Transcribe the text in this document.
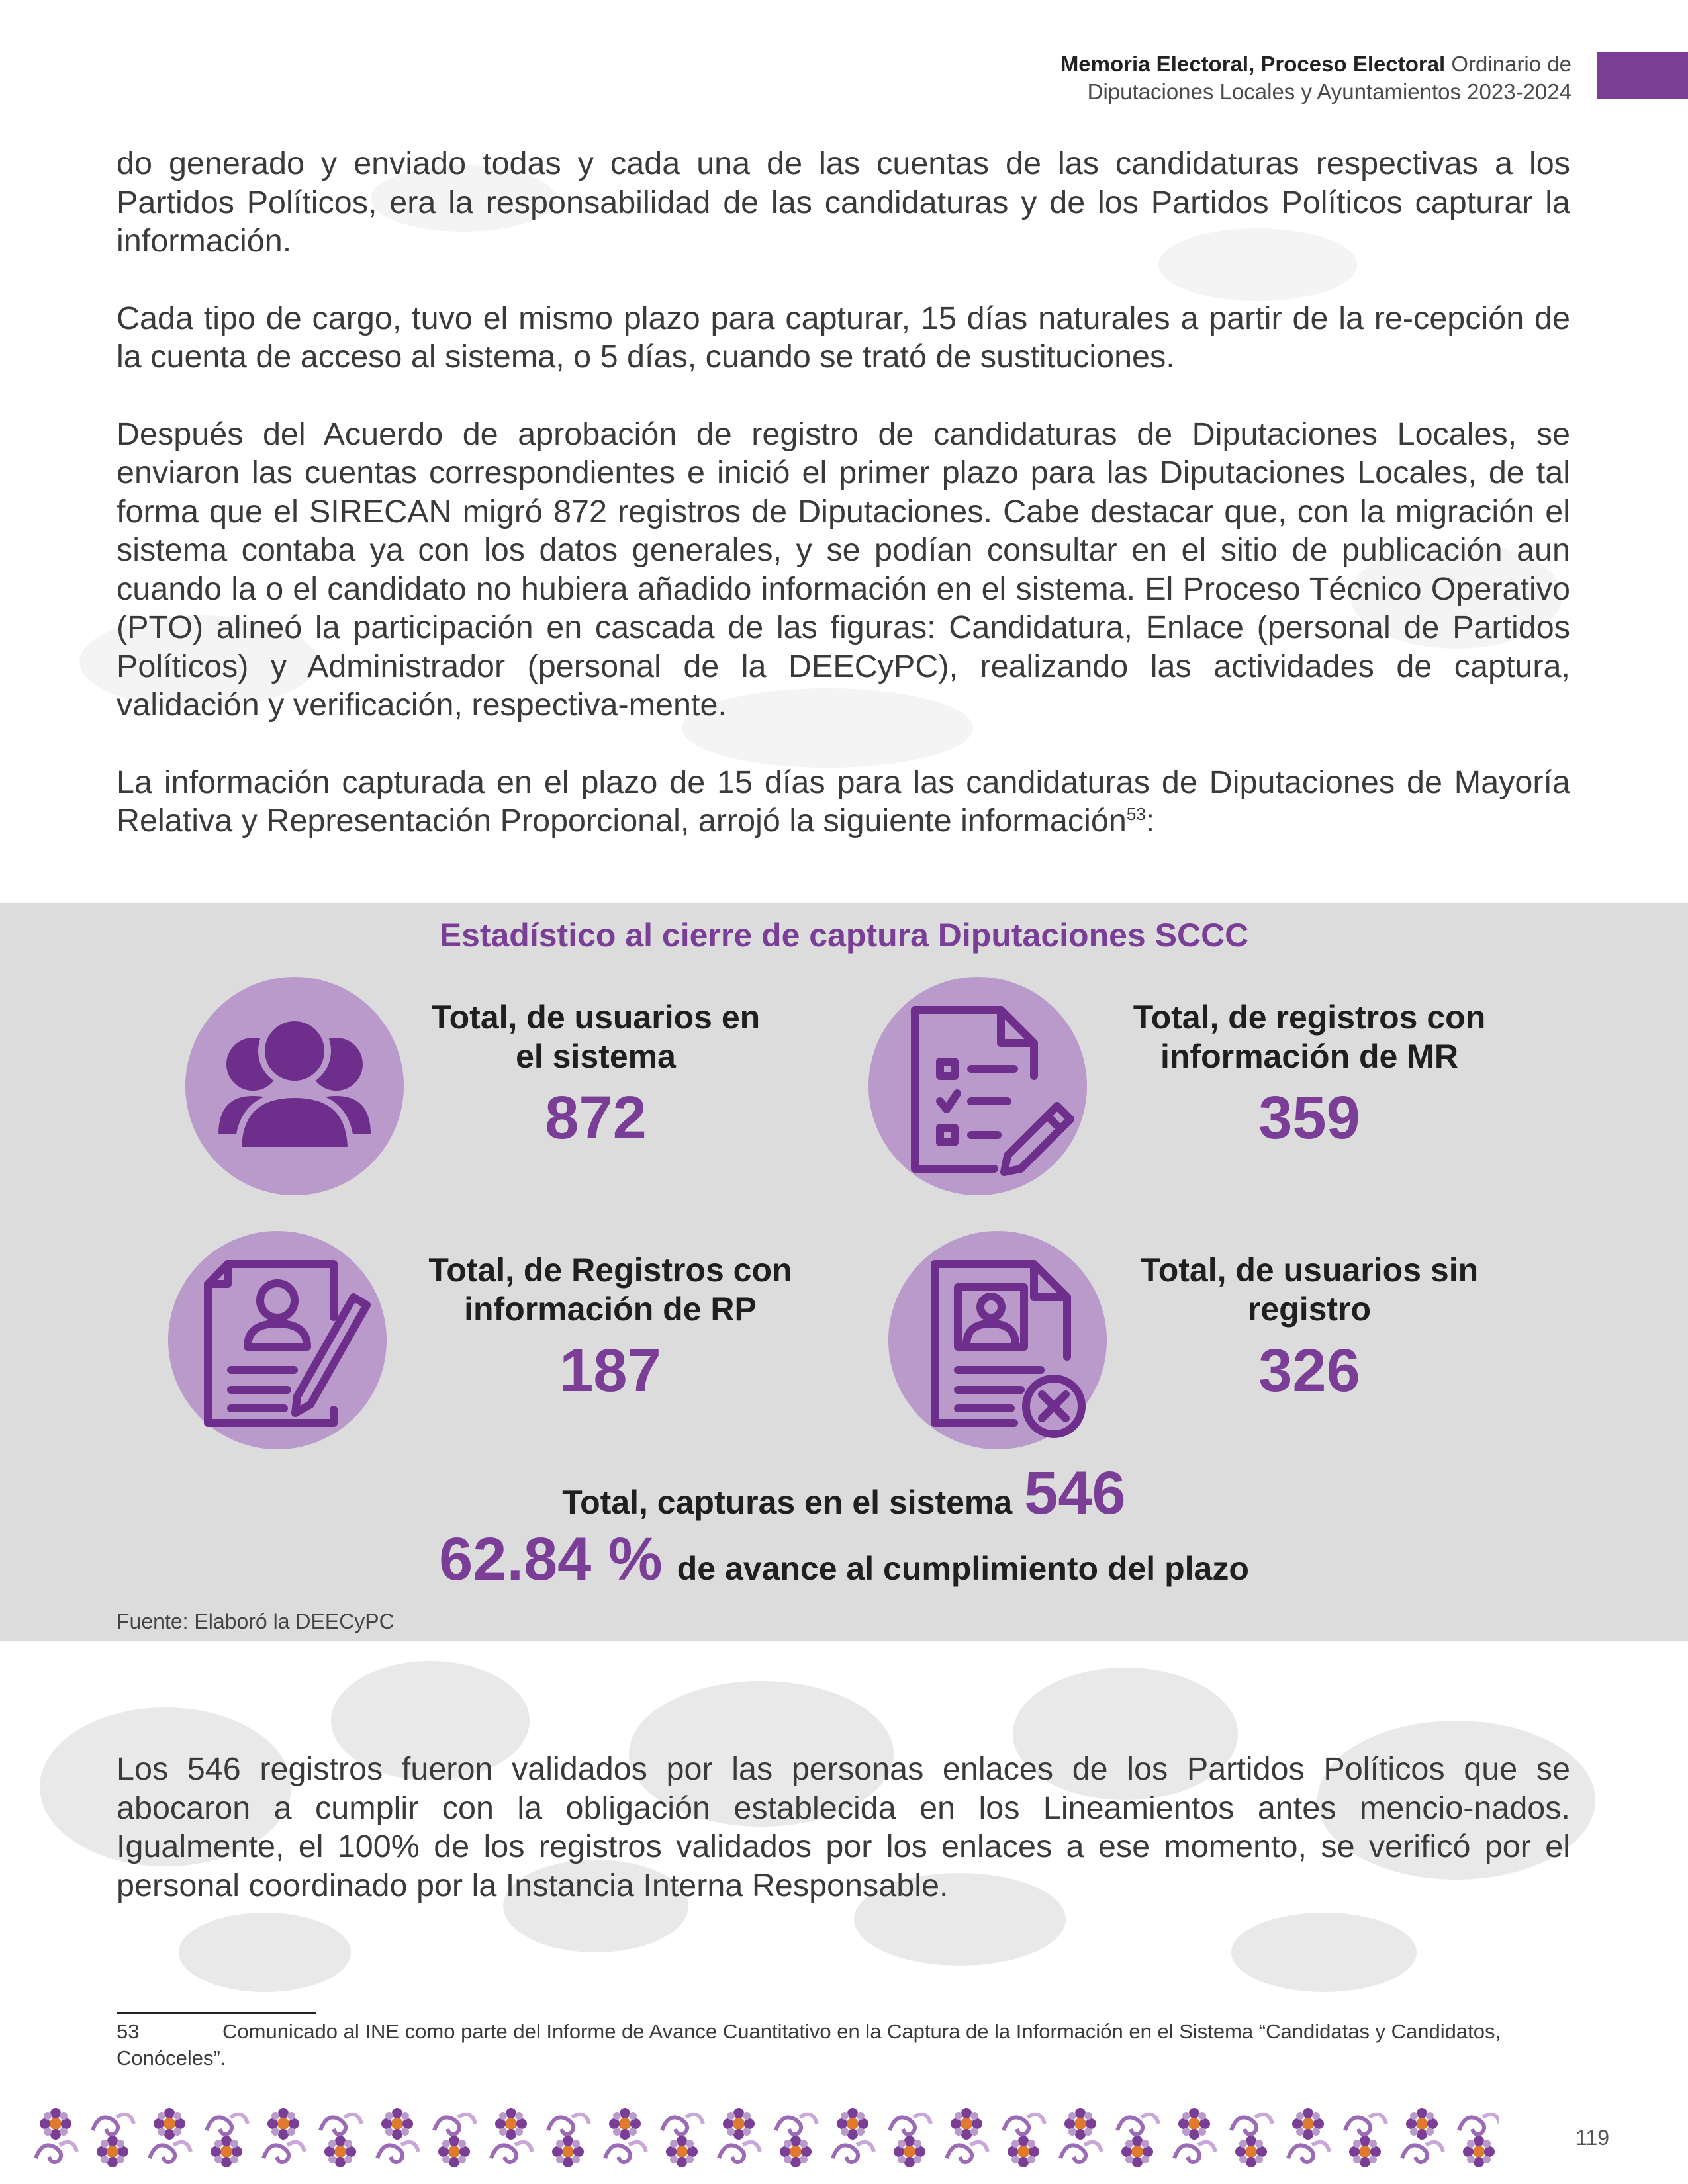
Memoria Electoral, Proceso Electoral Ordinario de
Diputaciones Locales y Ayuntamientos 2023-2024

do generado y enviado todas y cada una de las cuentas de las candidaturas respectivas a los Partidos Políticos, era la responsabilidad de las candidaturas y de los Partidos Políticos capturar la información.

Cada tipo de cargo, tuvo el mismo plazo para capturar, 15 días naturales a partir de la re-cepción de la cuenta de acceso al sistema, o 5 días, cuando se trató de sustituciones.

Después del Acuerdo de aprobación de registro de candidaturas de Diputaciones Locales, se enviaron las cuentas correspondientes e inició el primer plazo para las Diputaciones Locales, de tal forma que el SIRECAN migró 872 registros de Diputaciones. Cabe destacar que, con la migración el sistema contaba ya con los datos generales, y se podían consultar en el sitio de publicación aun cuando la o el candidato no hubiera añadido información en el sistema. El Proceso Técnico Operativo (PTO) alineó la participación en cascada de las figuras: Candidatura, Enlace (personal de Partidos Políticos) y Administrador (personal de la DEECyPC), realizando las actividades de captura, validación y verificación, respectiva-mente.

La información capturada en el plazo de 15 días para las candidaturas de Diputaciones de Mayoría Relativa y Representación Proporcional, arrojó la siguiente información$^{53}$:

Estadístico al cierre de captura Diputaciones SCCC
Total, de usuarios en
el sistema
872
Total, de registros con
información de MR
359
Total, de Registros con
información de RP
187
Total, de usuarios sin
registro
326
Total, capturas en el sistema 546
62.84 % de avance al cumplimiento del plazo
Fuente: Elaboró la DEECyPC

Los 546 registros fueron validados por las personas enlaces de los Partidos Políticos que se abocaron a cumplir con la obligación establecida en los Lineamientos antes mencio-nados. Igualmente, el 100% de los registros validados por los enlaces a ese momento, se verificó por el personal coordinado por la Instancia Interna Responsable.

53	Comunicado al INE como parte del Informe de Avance Cuantitativo en la Captura de la Información en el Sistema “Candidatas y Candidatos, Conóceles”.
119
